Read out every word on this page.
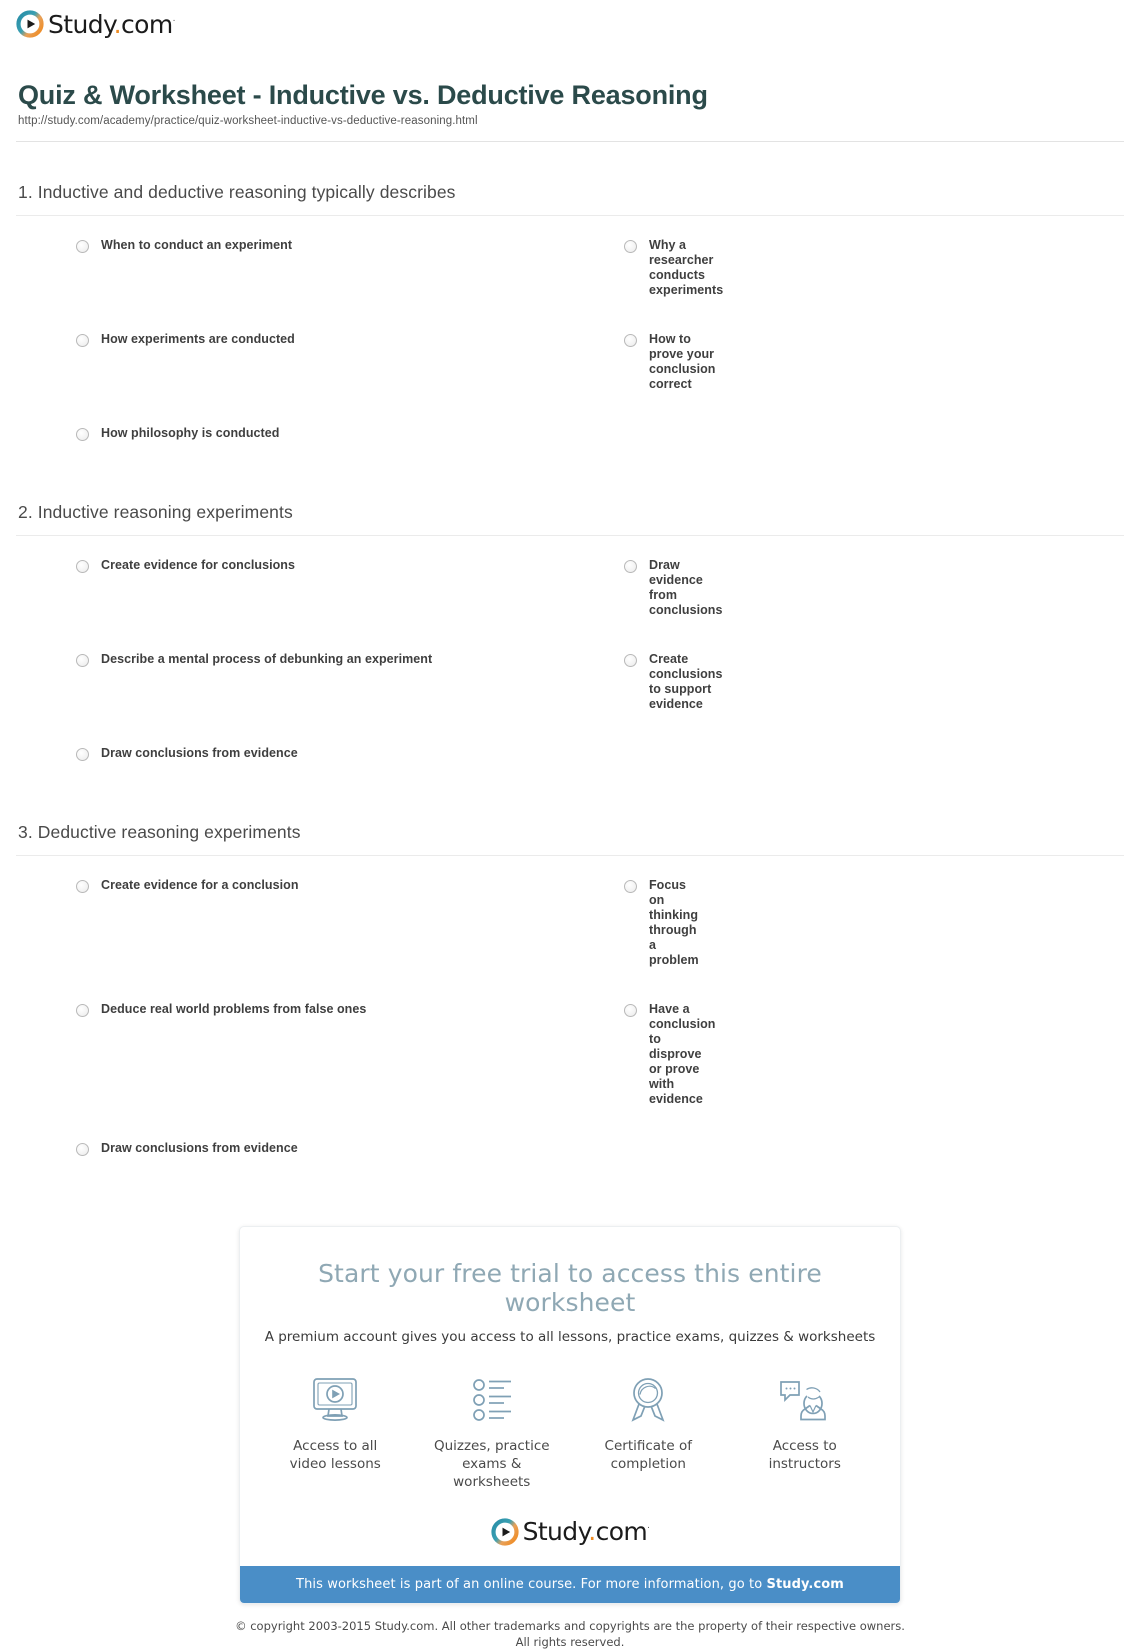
Study.com·
Quiz & Worksheet - Inductive vs. Deductive Reasoning
http://study.com/academy/practice/quiz-worksheet-inductive-vs-deductive-reasoning.html
1. Inductive and deductive reasoning typically describes
When to conduct an experiment	Why a researcher conducts experiments
How experiments are conducted	How to prove your conclusion correct
How philosophy is conducted
2. Inductive reasoning experiments
Create evidence for conclusions	Draw evidence from conclusions
Describe a mental process of debunking an experiment	Create conclusions to support evidence
Draw conclusions from evidence
3. Deductive reasoning experiments
Create evidence for a conclusion	Focus on thinking through a problem
Deduce real world problems from false ones	Have a conclusion to disprove or prove with evidence
Draw conclusions from evidence
Start your free trial to access this entire worksheet
A premium account gives you access to all lessons, practice exams, quizzes & worksheets
Access to all
video lessons
Quizzes, practice
exams & worksheets
Certificate of
completion
Access to
instructors
Study.com·
This worksheet is part of an online course. For more information, go to Study.com
© copyright 2003-2015 Study.com. All other trademarks and copyrights are the property of their respective owners.
All rights reserved.
